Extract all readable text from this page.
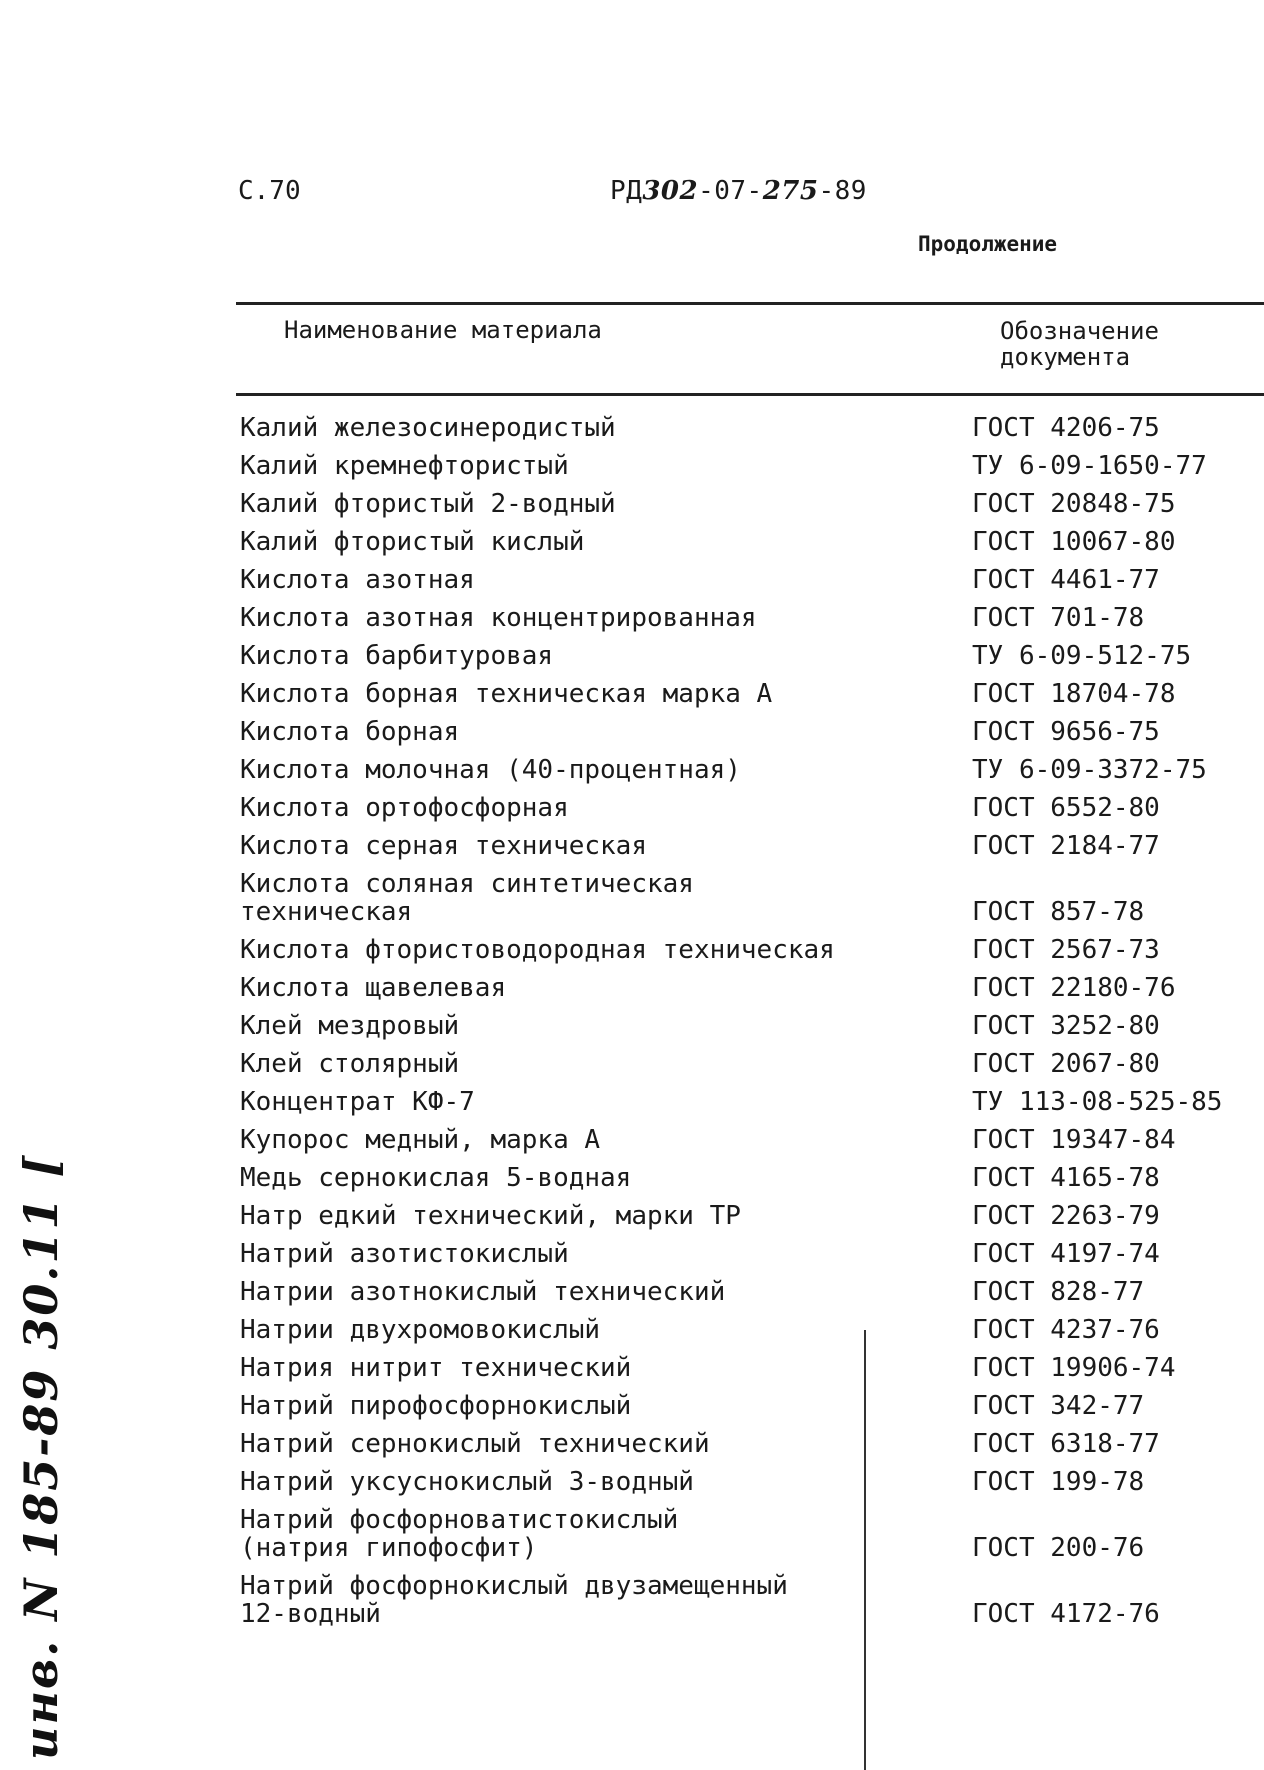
С.70	РД302-07-275-89
Продолжение
Наименование материала	Обозначение
документа
Калий железосинеродистый	ГОСТ 4206-75
Калий кремнефтористый	ТУ 6-09-1650-77
Калий фтористый 2-водный	ГОСТ 20848-75
Калий фтористый кислый	ГОСТ 10067-80
Кислота азотная	ГОСТ 4461-77
Кислота азотная концентрированная	ГОСТ 701-78
Кислота барбитуровая	ТУ 6-09-512-75
Кислота борная техническая марка А	ГОСТ 18704-78
Кислота борная	ГОСТ 9656-75
Кислота молочная (40-процентная)	ТУ 6-09-3372-75
Кислота ортофосфорная	ГОСТ 6552-80
Кислота серная техническая	ГОСТ 2184-77
Кислота соляная синтетическая
техническая	ГОСТ 857-78
Кислота фтористоводородная техническая	ГОСТ 2567-73
Кислота щавелевая	ГОСТ 22180-76
Клей мездровый	ГОСТ 3252-80
Клей столярный	ГОСТ 2067-80
Концентрат КФ-7	ТУ 113-08-525-85
Купорос медный, марка А	ГОСТ 19347-84
Медь сернокислая 5-водная	ГОСТ 4165-78
Натр едкий технический, марки ТР	ГОСТ 2263-79
Натрий азотистокислый	ГОСТ 4197-74
Натрии азотнокислый технический	ГОСТ 828-77
Натрии двухромовокислый	ГОСТ 4237-76
Натрия нитрит технический	ГОСТ 19906-74
Натрий пирофосфорнокислый	ГОСТ 342-77
Натрий сернокислый технический	ГОСТ 6318-77
Натрий уксуснокислый 3-водный	ГОСТ 199-78
Натрий фосфорноватистокислый
(натрия гипофосфит)	ГОСТ 200-76
Натрий фосфорнокислый двузамещенный
12-водный	ГОСТ 4172-76
инв. N 185-89 30.11 [
